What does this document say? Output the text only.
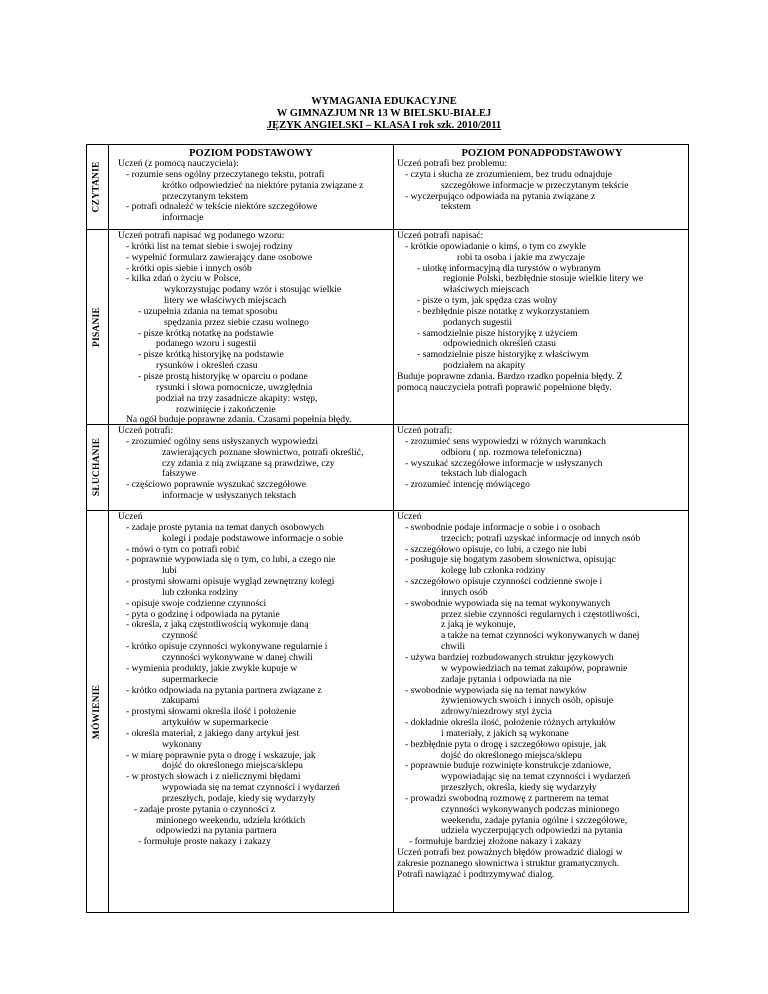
WYMAGANIA EDUKACYJNE
W GIMNAZJUM NR 13 W BIELSKU-BIAŁEJ
JĘZYK ANGIELSKI – KLASA I rok szk. 2010/2011
POZIOM PODSTAWOWY	POZIOM PONADPODSTAWOWY
CZYTANIE
PISANIE
SŁUCHANIE
MÓWIENIE
Uczeń (z pomocą nauczyciela):
- rozumie sens ogólny przeczytanego tekstu, potrafi
krótko odpowiedzieć na niektóre pytania związane z
przeczytanym tekstem
- potrafi odnaleźć w tekście niektóre szczegółowe
informacje
Uczeń potrafi bez problemu:
- czyta i słucha ze zrozumieniem, bez trudu odnajduje
szczegółowe informacje w przeczytanym tekście
- wyczerpująco odpowiada na pytania związane z
tekstem
Uczeń potrafi napisać wg podanego wzoru:
- krótki list na temat siebie i swojej rodziny
- wypełnić formularz zawierający dane osobowe
- krótki opis siebie i innych osób
- kilka zdań o życiu w Polsce,
wykorzystując podany wzór i stosując wielkie
litery we właściwych miejscach
- uzupełnia zdania na temat sposobu
spędzania przez siebie czasu wolnego
- pisze krótką notatkę na podstawie
podanego wzoru i sugestii
- pisze krótką historyjkę na podstawie
rysunków i określeń czasu
- pisze prostą historyjkę w oparciu o podane
rysunki i słowa pomocnicze, uwzględnia
podział na trzy zasadnicze akapity: wstęp,
rozwinięcie i zakończenie
Na ogół buduje poprawne zdania. Czasami popełnia błędy.
Uczeń potrafi napisać:
- krótkie opowiadanie o kimś, o tym co zwykle
robi ta osoba i jakie ma zwyczaje
- ulotkę informacyjną dla turystów o wybranym
regionie Polski, bezbłędnie stosuje wielkie litery we
właściwych miejscach
- pisze o tym, jak spędza czas wolny
- bezbłędnie pisze notatkę z wykorzystaniem
podanych sugestii
- samodzielnie pisze historyjkę z użyciem
odpowiednich określeń czasu
- samodzielnie pisze historyjkę z właściwym
podziałem na akapity
Buduje poprawne zdania. Bardzo rzadko popełnia błędy. Z
pomocą nauczyciela potrafi poprawić popełnione błędy.
Uczeń potrafi:
- zrozumieć ogólny sens usłyszanych wypowiedzi
zawierających poznane słownictwo, potrafi określić,
czy zdania z nią związane są prawdziwe, czy
fałszywe
- częściowo poprawnie wyszukać szczegółowe
informacje w usłyszanych tekstach
Uczeń potrafi:
- zrozumieć sens wypowiedzi w różnych warunkach
odbioru ( np. rozmowa telefoniczna)
- wyszukać szczegółowe informacje w usłyszanych
tekstach lub dialogach
- zrozumieć intencję mówiącego
Uczeń
- zadaje proste pytania na temat danych osobowych
kolegi i podaje podstawowe informacje o sobie
- mówi o tym co potrafi robić
- poprawnie wypowiada się o tym, co lubi, a czego nie
lubi
- prostymi słowami opisuje wygląd zewnętrzny kolegi
lub członka rodziny
- opisuje swoje codzienne czynności
- pyta o godzinę i odpowiada na pytanie
- określa, z jaką częstotliwością wykonuje daną
czynność
- krótko opisuje czynności wykonywane regularnie i
czynności wykonywane w danej chwili
- wymienia produkty, jakie zwykle kupuje w
supermarkecie
- krótko odpowiada na pytania partnera związane z
zakupami
- prostymi słowami określa ilość i położenie
artykułów w supermarkecie
- określa materiał, z jakiego dany artykuł jest
wykonany
- w miarę poprawnie pyta o drogę i wskazuje, jak
dojść do określonego miejsca/sklepu
- w prostych słowach i z nielicznymi błędami
wypowiada się na temat czynności i wydarzeń
przeszłych, podaje, kiedy się wydarzyły
- zadaje proste pytania o czynności z
minionego weekendu, udziela krótkich
odpowiedzi na pytania partnera
- formułuje proste nakazy i zakazy
Uczeń
- swobodnie podaje informacje o sobie i o osobach
trzecich; potrafi uzyskać informacje od innych osób
- szczegółowo opisuje, co lubi, a czego nie lubi
- posługuje się bogatym zasobem słownictwa, opisując
kolegę lub członka rodziny
- szczegółowo opisuje czynności codzienne swoje i
innych osób
- swobodnie wypowiada się na temat wykonywanych
przez siebie czynności regularnych i częstotliwości,
z jaką je wykonuje,
a także na temat czynności wykonywanych w danej
chwili
- używa bardziej rozbudowanych struktur językowych
w wypowiedziach na temat zakupów, poprawnie
zadaje pytania i odpowiada na nie
- swobodnie wypowiada się na temat nawyków
żywieniowych swoich i innych osób, opisuje
zdrowy/niezdrowy styl życia
- dokładnie określa ilość, położenie różnych artykułów
i materiały, z jakich są wykonane
- bezbłędnie pyta o drogę i szczegółowo opisuje, jak
dojść do określonego miejsca/sklepu
- poprawnie buduje rozwinięte konstrukcje zdaniowe,
wypowiadając się na temat czynności i wydarzeń
przeszłych, określa, kiedy się wydarzyły
- prowadzi swobodną rozmowę z partnerem na temat
czynności wykonywanych podczas minionego
weekendu, zadaje pytania ogólne i szczegółowe,
udziela wyczerpujących odpowiedzi na pytania
- formułuje bardziej złożone nakazy i zakazy
Uczeń potrafi bez poważnych błędów prowadzić dialogi w
zakresie poznanego słownictwa i struktur gramatycznych.
Potrafi nawiązać i podtrzymywać dialog.
